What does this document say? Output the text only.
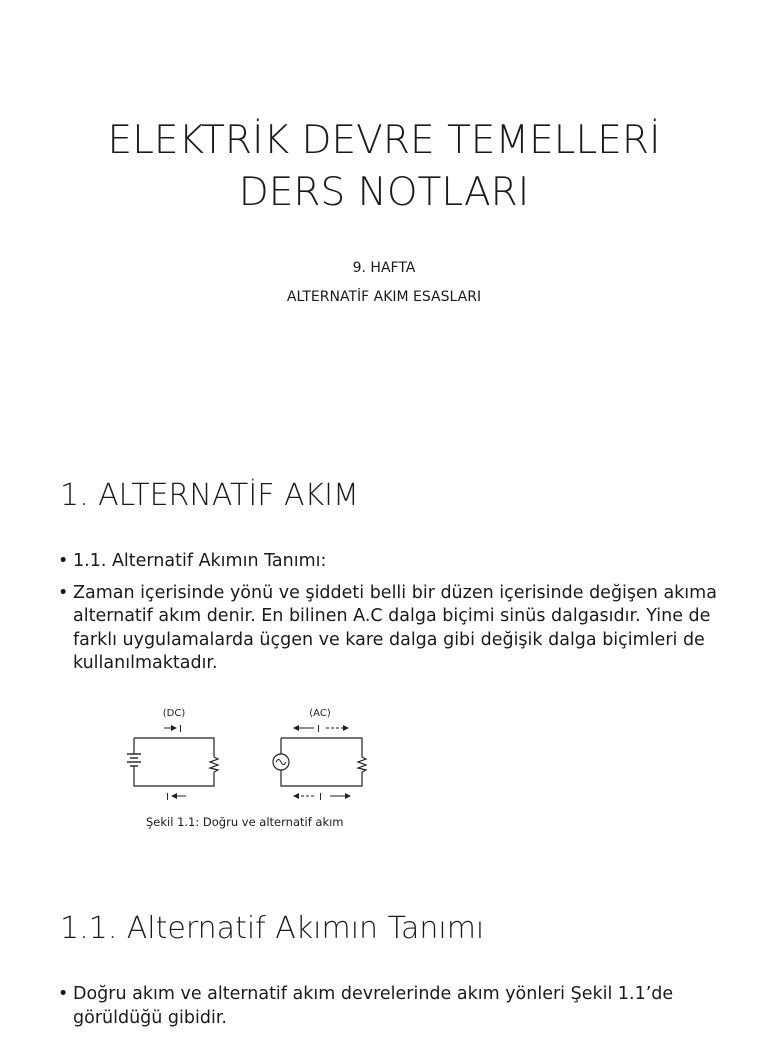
ELEKTRİK DEVRE TEMELLERİ
DERS NOTLARI
9. HAFTA
ALTERNATİF AKIM ESASLARI
1. ALTERNATİF AKIM
• 1.1. Alternatif Akımın Tanımı:
• Zaman içerisinde yönü ve şiddeti belli bir düzen içerisinde değişen akıma alternatif akım denir. En bilinen A.C dalga biçimi sinüs dalgasıdır. Yine de farklı uygulamalarda üçgen ve kare dalga gibi değişik dalga biçimleri de kullanılmaktadır.
(DC)
I
I
(AC)
I
I
Şekil 1.1: Doğru ve alternatif akım
1.1. Alternatif Akımın Tanımı
• Doğru akım ve alternatif akım devrelerinde akım yönleri Şekil 1.1’de görüldüğü gibidir.
